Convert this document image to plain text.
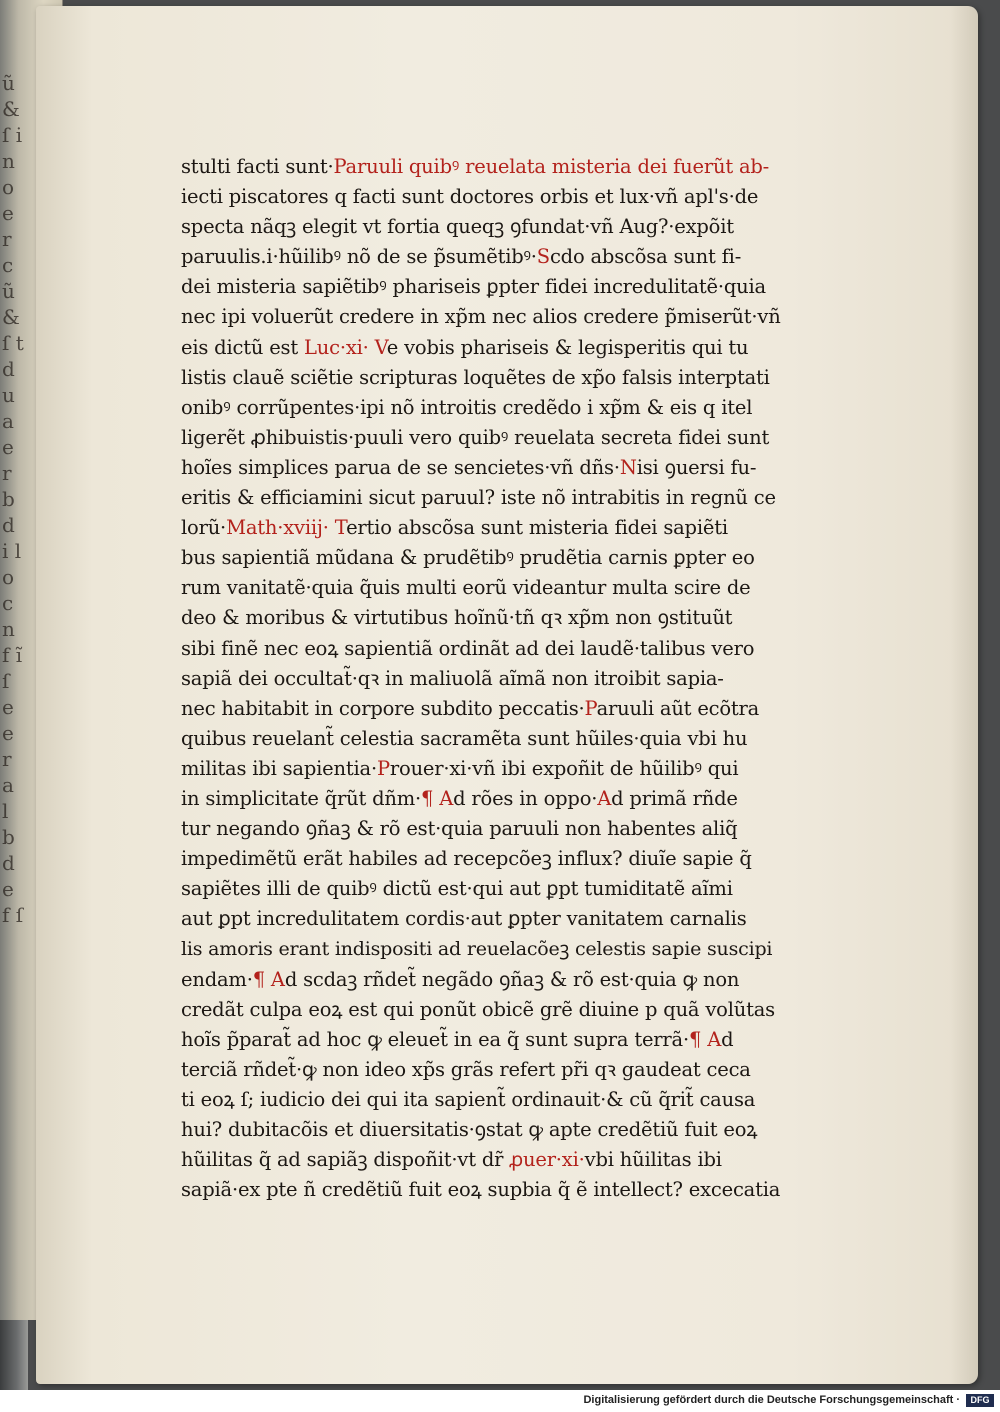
ũ & ſ i n o e r c ũ & ſ t d u a e r b d i l o c n f ĩ ſ e e r a l b d e f ſ
stulti facti sunt·Paruuli quibꝰ reuelata misteria dei fuerũt ab-
iecti piscatores q facti sunt doctores orbis et lux·vñ apl's·de
specta nãqꝫ elegit vt fortia queqꝫ ꝯfundat·vñ Aug?·expõit
paruulis.i·hũilibꝰ nõ de se p̃sumẽtibꝰ·Scdo abscõsa sunt fi-
dei misteria sapiẽtibꝰ phariseis ꝑpter fidei incredulitatẽ·quia
nec ipi voluerũt credere in xp̃m nec alios credere p̃miserũt·vñ
eis dictũ est Luc·xi· Ve vobis phariseis & legisperitis qui tu
listis clauẽ sciẽtie scripturas loquẽtes de xp̃o falsis interptati
onibꝰ corrũpentes·ipi nõ introitis credẽdo i xp̃m & eis q itel
ligerẽt ꝓhibuistis·puuli vero quibꝰ reuelata secreta fidei sunt
hoĩes simplices parua de se sencietes·vñ dñs·Nisi ꝯuersi fu-
eritis & efficiamini sicut paruul? iste nõ intrabitis in regnũ ce
lorũ·Math·xviij· Tertio abscõsa sunt misteria fidei sapiẽti
bus sapientiã mũdana & prudẽtibꝰ prudẽtia carnis ꝑpter eo
rum vanitatẽ·quia q̃uis multi eorũ videantur multa scire de
deo & moribus & virtutibus hoĩnũ·tñ qꝛ xp̃m non ꝯstituũt
sibi finẽ nec eoꝝ sapientiã ordinãt ad dei laudẽ·talibus vero
sapiã dei occultat̃·qꝛ in maliuolã aĩmã non itroibit sapia-
nec habitabit in corpore subdito peccatis·Paruuli aũt ecõtra
quibus reuelant̃ celestia sacramẽta sunt hũiles·quia vbi hu
militas ibi sapientia·Prouer·xi·vñ ibi expoñit de hũilibꝰ qui
in simplicitate q̃rũt dñm·¶ Ad rões in oppo·Ad primã rñde
tur negando ꝯñaꝫ & rõ est·quia paruuli non habentes aliq̃
impedimẽtũ erãt habiles ad recepcõeꝫ influx? diuĩe sapie q̃
sapiẽtes illi de quibꝰ dictũ est·qui aut ꝑpt tumiditatẽ aĩmi
aut ꝑpt incredulitatem cordis·aut ꝑpter vanitatem carnalis
lis amoris erant indispositi ad reuelacõeꝫ celestis sapie suscipi
endam·¶ Ad scdaꝫ rñdet̃ negãdo ꝯñaꝫ & rõ est·quia ꝙ non
credãt culpa eoꝝ est qui ponũt obicẽ grẽ diuine p quã volũtas
hoĩs p̃parat̃ ad hoc ꝙ eleuet̃ in ea q̃ sunt supra terrã·¶ Ad
terciã rñdet̃·ꝙ non ideo xp̃s grãs refert pr̃i qꝛ gaudeat ceca
ti eoꝝ ſ; iudicio dei qui ita sapient̃ ordinauit·& cũ q̃rit̃ causa
hui? dubitacõis et diuersitatis·ꝯstat ꝙ apte credẽtiũ fuit eoꝝ
hũilitas q̃ ad sapiãꝫ dispoñit·vt dr̃ ꝓuer·xi·vbi hũilitas ibi
sapiã·ex pte ñ credẽtiũ fuit eoꝝ supbia q̃ ẽ intellect? excecatia
Digitalisierung gefördert durch die Deutsche Forschungsgemeinschaft ·	DFG
